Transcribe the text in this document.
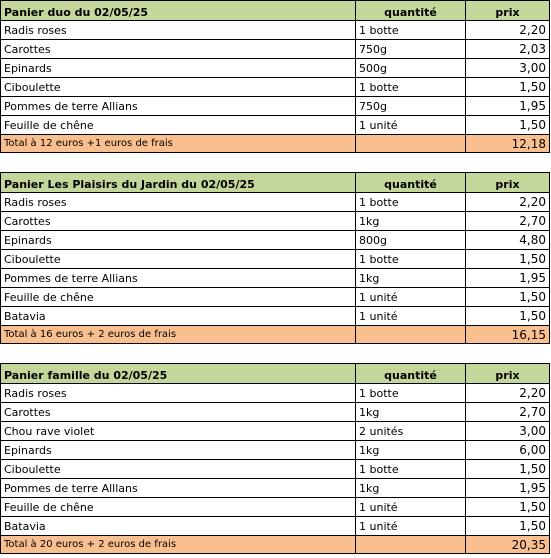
Panier duo du 02/05/25	quantité	prix
Radis roses	1 botte	2,20
Carottes	750g	2,03
Epinards	500g	3,00
Ciboulette	1 botte	1,50
Pommes de terre Allians	750g	1,95
Feuille de chêne	1 unité	1,50
Total à 12 euros +1 euros de frais		12,18

Panier Les Plaisirs du Jardin du 02/05/25	quantité	prix
Radis roses	1 botte	2,20
Carottes	1kg	2,70
Epinards	800g	4,80
Ciboulette	1 botte	1,50
Pommes de terre Allians	1kg	1,95
Feuille de chêne	1 unité	1,50
Batavia	1 unité	1,50
Total à 16 euros + 2 euros de frais		16,15

Panier famille du 02/05/25	quantité	prix
Radis roses	1 botte	2,20
Carottes	1kg	2,70
Chou rave violet	2 unités	3,00
Epinards	1kg	6,00
Ciboulette	1 botte	1,50
Pommes de terre Alllans	1kg	1,95
Feuille de chêne	1 unité	1,50
Batavia	1 unité	1,50
Total à 20 euros + 2 euros de frais		20,35
